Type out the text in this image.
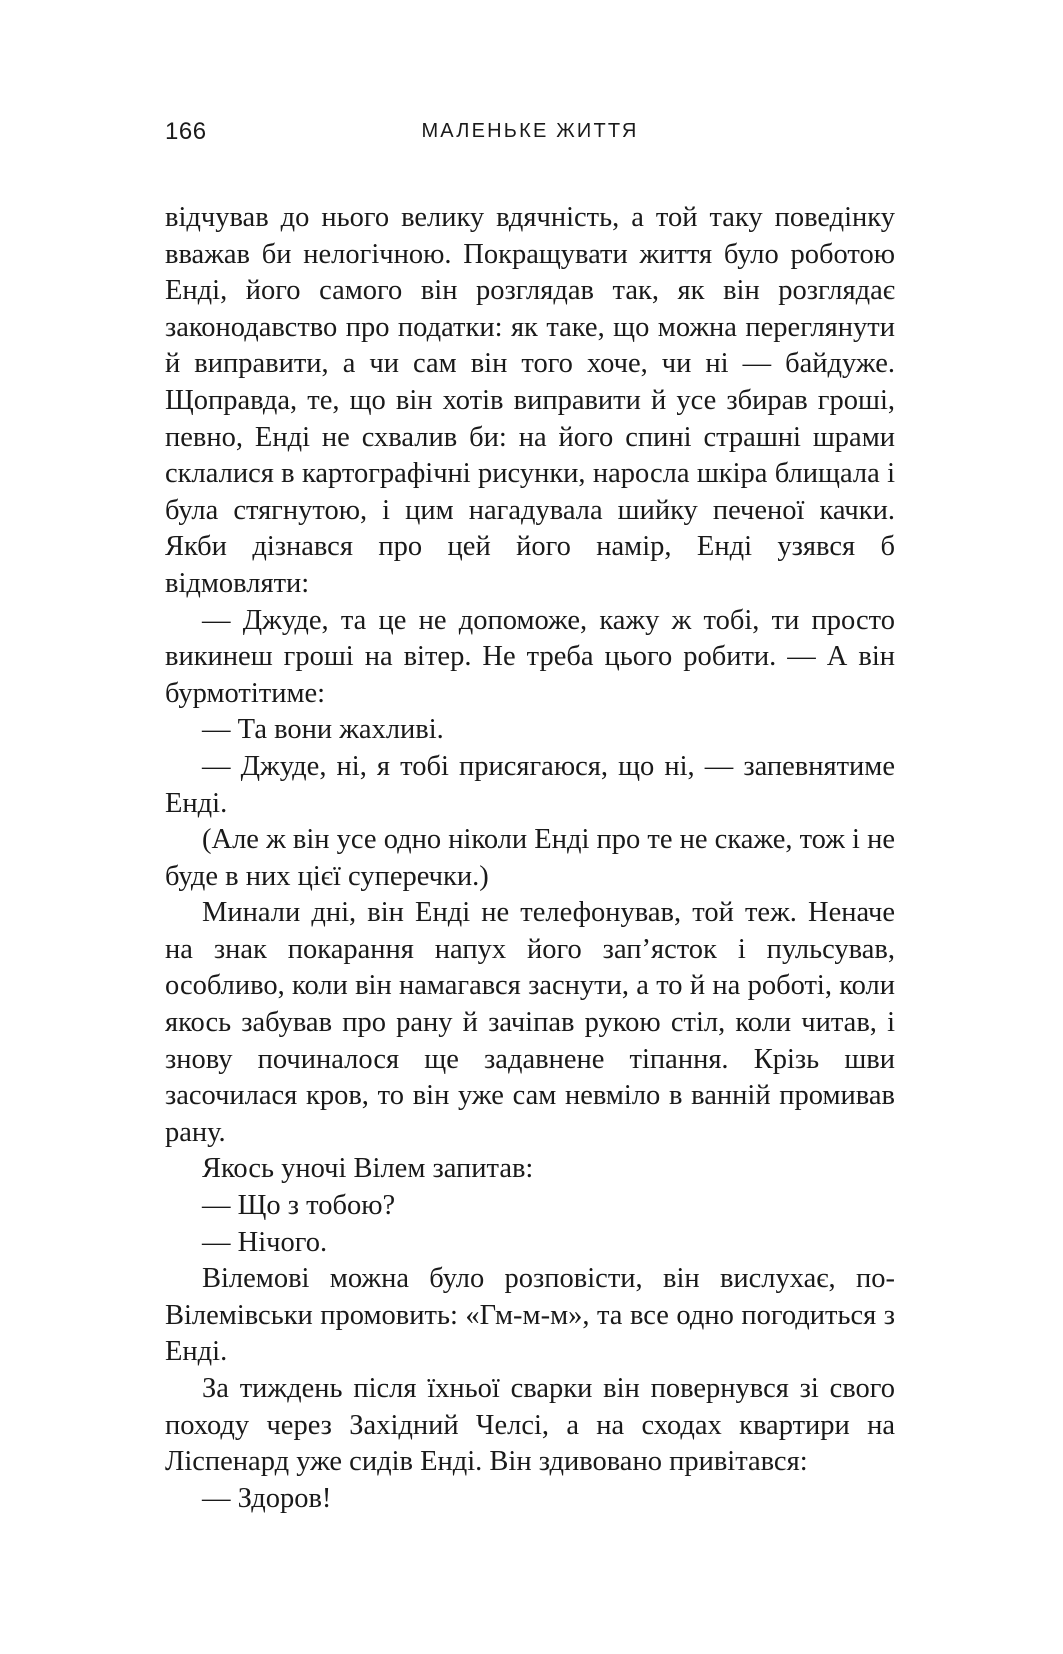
166	МАЛЕНЬКЕ ЖИТТЯ

відчував до нього велику вдячність, а той таку поведінку вважав би нелогічною. Покращувати життя було роботою Енді, його самого він розглядав так, як він розглядає законодавство про податки: як таке, що можна переглянути й виправити, а чи сам він того хоче, чи ні — байдуже. Щоправда, те, що він хотів виправити й усе збирав гроші, певно, Енді не схвалив би: на його спині страшні шрами склалися в картографічні рисунки, наросла шкіра блищала і була стягнутою, і цим нагадувала шийку печеної качки. Якби дізнався про цей його намір, Енді узявся б відмовляти:

— Джуде, та це не допоможе, кажу ж тобі, ти просто викинеш гроші на вітер. Не треба цього робити. — А він бурмотітиме:

— Та вони жахливі.

— Джуде, ні, я тобі присягаюся, що ні, — запевнятиме Енді.

(Але ж він усе одно ніколи Енді про те не скаже, тож і не буде в них цієї суперечки.)

Минали дні, він Енді не телефонував, той теж. Неначе на знак покарання напух його зап’ясток і пульсував, особливо, коли він намагався заснути, а то й на роботі, коли якось забував про рану й зачіпав рукою стіл, коли читав, і знову починалося ще задавнене тіпання. Крізь шви засочилася кров, то він уже сам невміло в ванній промивав рану.

Якось уночі Вілем запитав:

— Що з тобою?

— Нічого.

Вілемові можна було розповісти, він вислухає, по-Вілемівськи промовить: «Гм-м-м», та все одно погодиться з Енді.

За тиждень після їхньої сварки він повернувся зі свого походу через Західний Челсі, а на сходах квартири на Ліспенард уже сидів Енді. Він здивовано привітався:

— Здоров!
